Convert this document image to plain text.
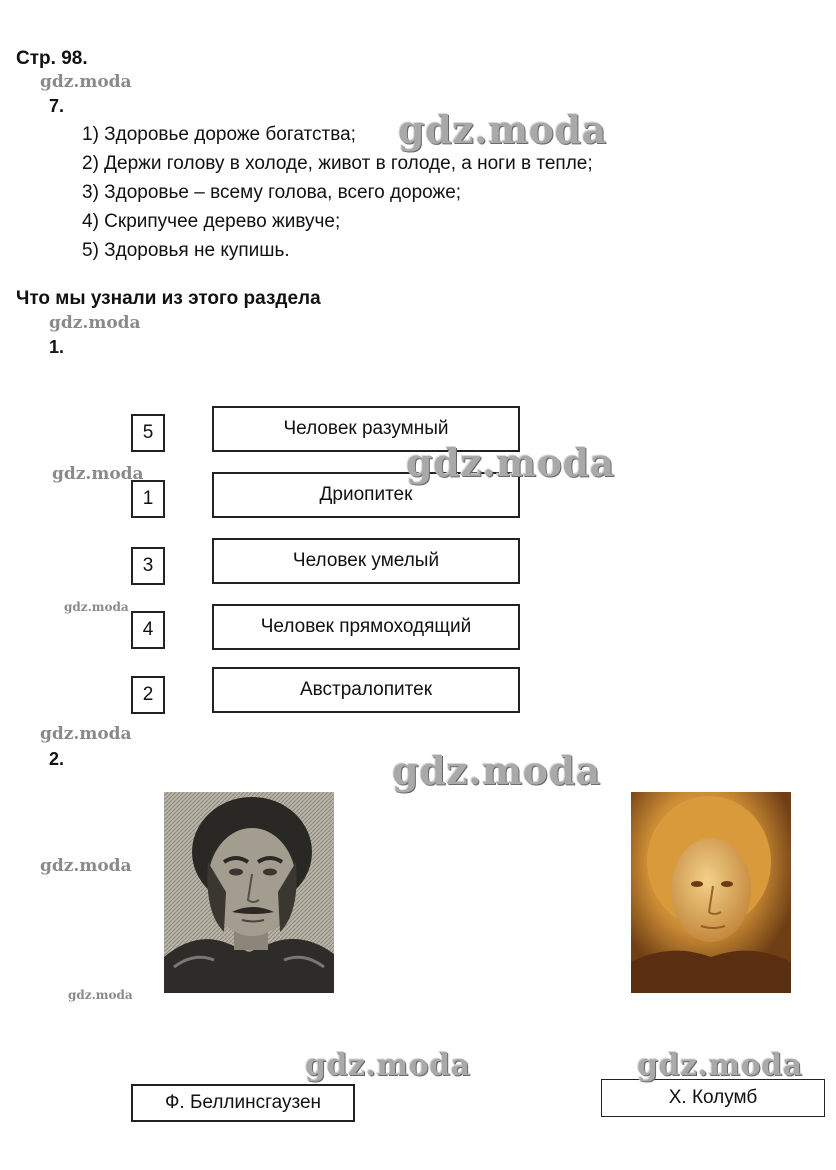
Стр. 98.
7.
1) Здоровье дороже богатства;
2) Держи голову в холоде, живот в голоде, а ноги в тепле;
3) Здоровье – всему голова, всего дороже;
4) Скрипучее дерево живуче;
5) Здоровья не купишь.
Что мы узнали из этого раздела
1.
5	Человек разумный
1	Дриопитек
3	Человек умелый
4	Человек прямоходящий
2	Австралопитек
2.
Ф. Беллинсгаузен	Х. Колумб
gdz.moda
gdz.moda
gdz.moda
gdz.moda
gdz.moda
gdz.moda
gdz.moda
gdz.moda
gdz.moda
gdz.moda
gdz.moda	gdz.moda
